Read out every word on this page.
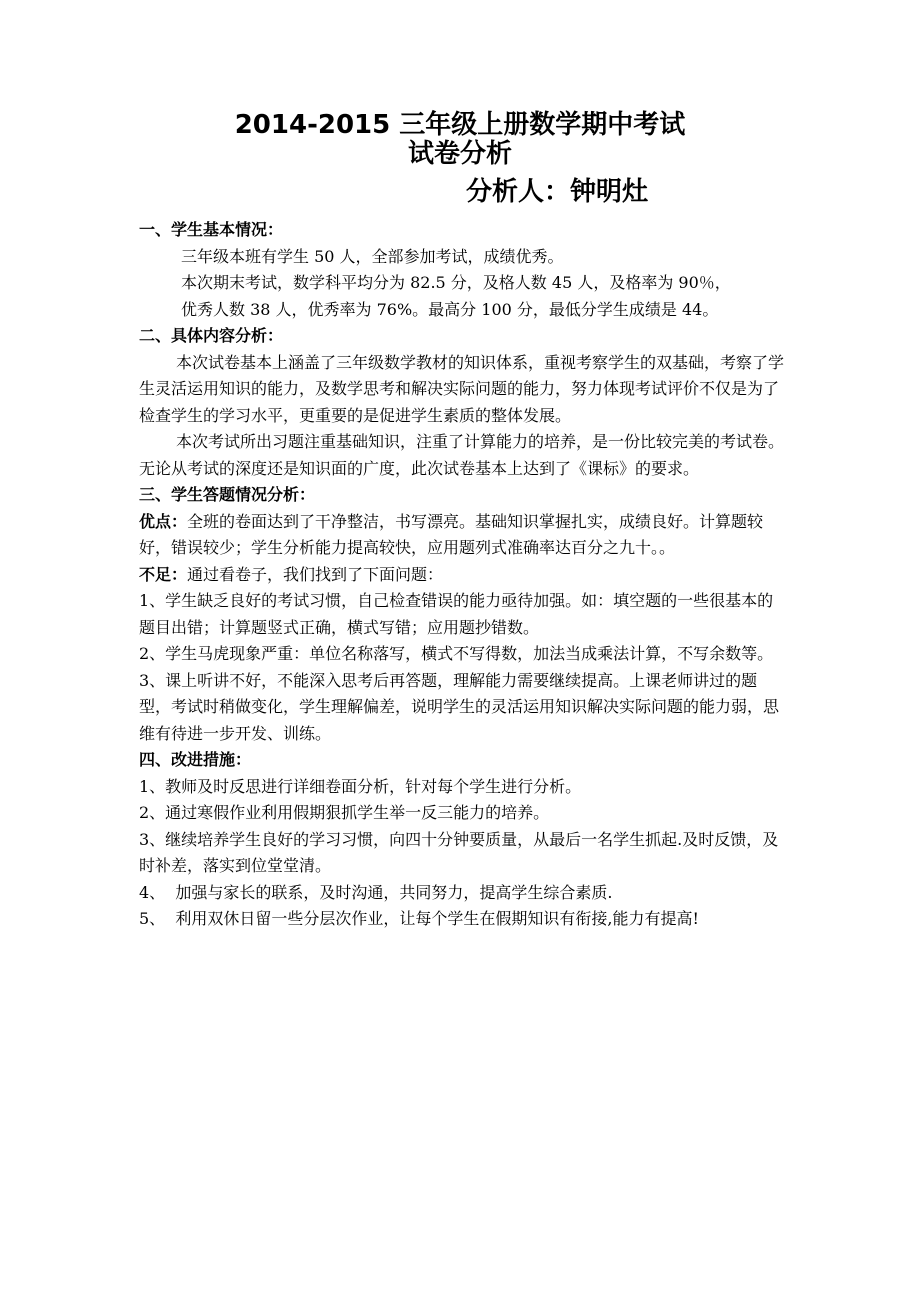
2014-2015 三年级上册数学期中考试
试卷分析
分析人：钟明灶

一、学生基本情况：

三年级本班有学生 50 人，全部参加考试，成绩优秀。

本次期末考试，数学科平均分为 82.5 分，及格人数 45 人，及格率为 90％，

优秀人数 38 人，优秀率为 76%。最高分 100 分，最低分学生成绩是 44。

二、具体内容分析：

本次试卷基本上涵盖了三年级数学教材的知识体系，重视考察学生的双基础，考察了学生灵活运用知识的能力，及数学思考和解决实际问题的能力，努力体现考试评价不仅是为了检查学生的学习水平，更重要的是促进学生素质的整体发展。

本次考试所出习题注重基础知识，注重了计算能力的培养，是一份比较完美的考试卷。无论从考试的深度还是知识面的广度，此次试卷基本上达到了《课标》的要求。

三、学生答题情况分析：

优点：全班的卷面达到了干净整洁，书写漂亮。基础知识掌握扎实，成绩良好。计算题较好，错误较少；学生分析能力提高较快，应用题列式准确率达百分之九十。。

不足：通过看卷子，我们找到了下面问题：

1、学生缺乏良好的考试习惯，自己检查错误的能力亟待加强。如：填空题的一些很基本的题目出错；计算题竖式正确，横式写错；应用题抄错数。

2、学生马虎现象严重：单位名称落写，横式不写得数，加法当成乘法计算，不写余数等。

3、课上听讲不好，不能深入思考后再答题，理解能力需要继续提高。上课老师讲过的题型，考试时稍做变化，学生理解偏差，说明学生的灵活运用知识解决实际问题的能力弱，思维有待进一步开发、训练。

四、改进措施：

1、教师及时反思进行详细卷面分析，针对每个学生进行分析。

2、通过寒假作业利用假期狠抓学生举一反三能力的培养。

3、继续培养学生良好的学习习惯，向四十分钟要质量，从最后一名学生抓起.及时反馈，及时补差，落实到位堂堂清。

4、  加强与家长的联系，及时沟通，共同努力，提高学生综合素质.

5、  利用双休日留一些分层次作业，让每个学生在假期知识有衔接,能力有提高!
